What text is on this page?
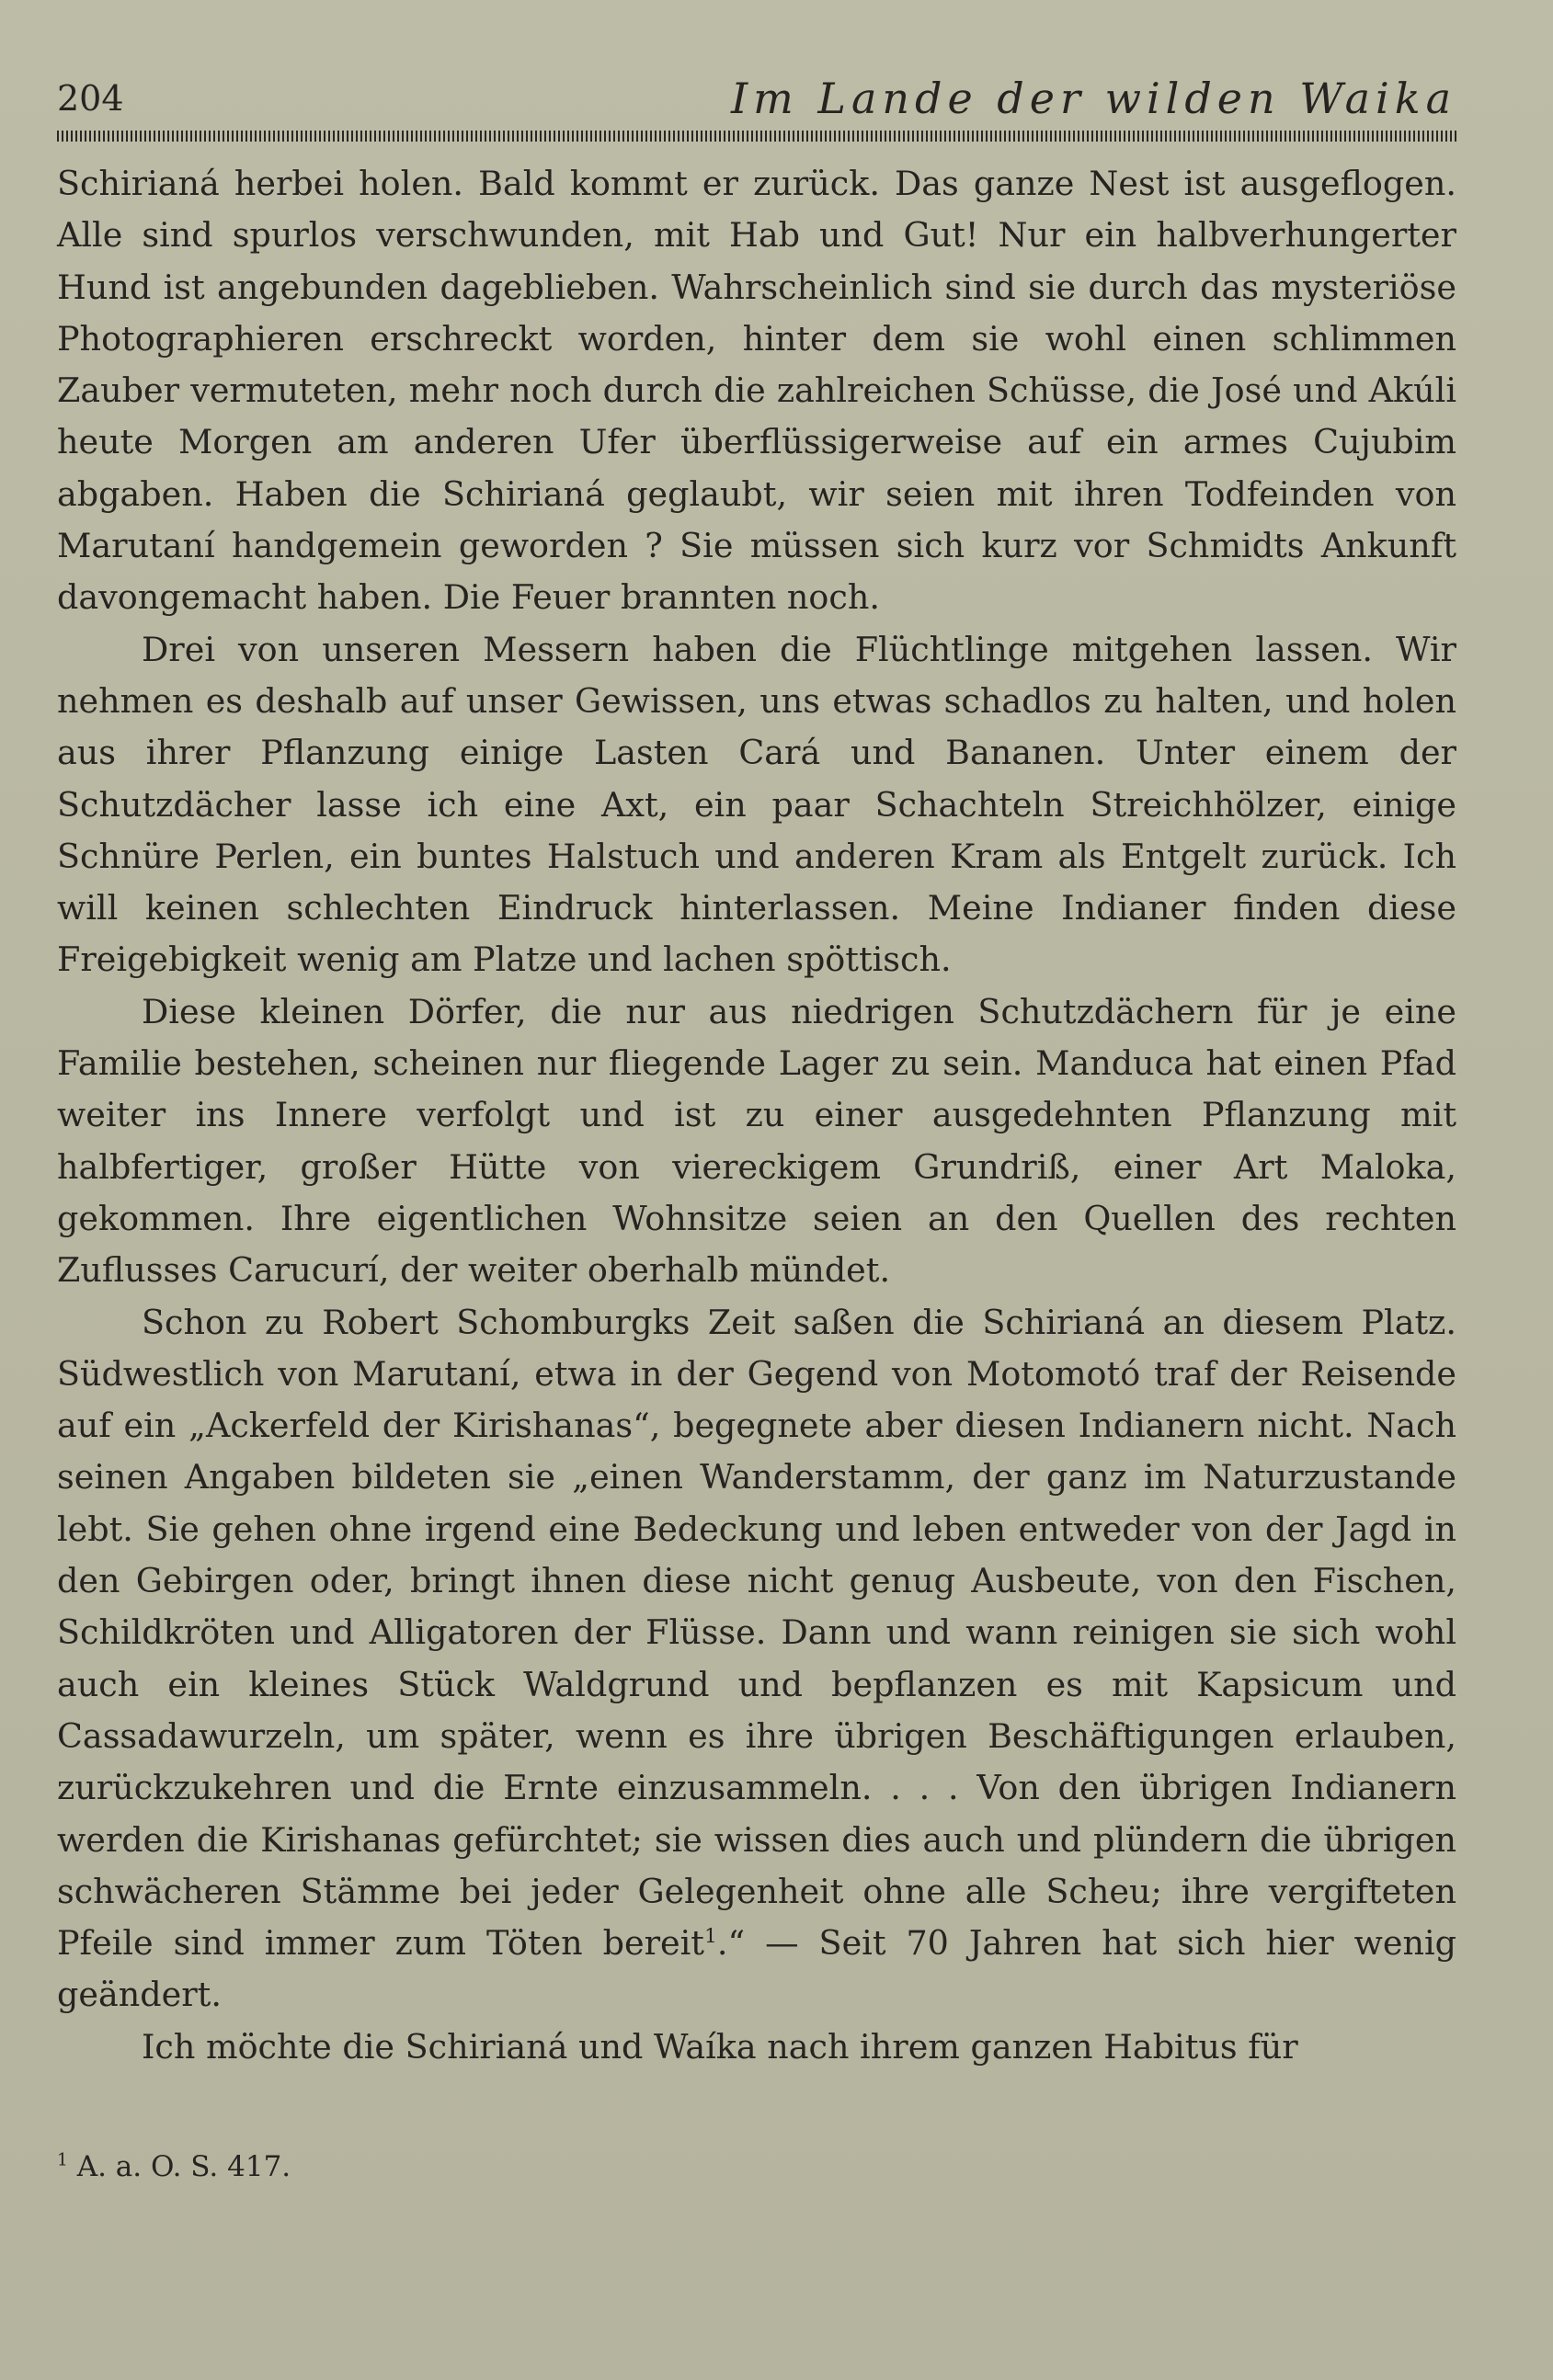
204	Im Lande der wilden Waika

Schirianá herbei holen. Bald kommt er zurück. Das ganze Nest ist ausgeflogen. Alle sind spurlos verschwunden, mit Hab und Gut! Nur ein halbverhungerter Hund ist angebunden dageblieben. Wahrscheinlich sind sie durch das mysteriöse Photographieren erschreckt worden, hinter dem sie wohl einen schlimmen Zauber vermuteten, mehr noch durch die zahlreichen Schüsse, die José und Akúli heute Morgen am anderen Ufer überflüssigerweise auf ein armes Cujubim abgaben. Haben die Schirianá geglaubt, wir seien mit ihren Todfeinden von Marutaní handgemein geworden ? Sie müssen sich kurz vor Schmidts Ankunft davongemacht haben. Die Feuer brannten noch.

Drei von unseren Messern haben die Flüchtlinge mitgehen lassen. Wir nehmen es deshalb auf unser Gewissen, uns etwas schadlos zu halten, und holen aus ihrer Pflanzung einige Lasten Cará und Bananen. Unter einem der Schutzdächer lasse ich eine Axt, ein paar Schachteln Streichhölzer, einige Schnüre Perlen, ein buntes Halstuch und anderen Kram als Entgelt zurück. Ich will keinen schlechten Eindruck hinterlassen. Meine Indianer finden diese Freigebigkeit wenig am Platze und lachen spöttisch.

Diese kleinen Dörfer, die nur aus niedrigen Schutzdächern für je eine Familie bestehen, scheinen nur fliegende Lager zu sein. Manduca hat einen Pfad weiter ins Innere verfolgt und ist zu einer ausgedehnten Pflanzung mit halbfertiger, großer Hütte von viereckigem Grundriß, einer Art Maloka, gekommen. Ihre eigentlichen Wohnsitze seien an den Quellen des rechten Zuflusses Carucurí, der weiter oberhalb mündet.

Schon zu Robert Schomburgks Zeit saßen die Schirianá an diesem Platz. Südwestlich von Marutaní, etwa in der Gegend von Motomotó traf der Reisende auf ein „Ackerfeld der Kirishanas“, begegnete aber diesen Indianern nicht. Nach seinen Angaben bildeten sie „einen Wanderstamm, der ganz im Naturzustande lebt. Sie gehen ohne irgend eine Bedeckung und leben entweder von der Jagd in den Gebirgen oder, bringt ihnen diese nicht genug Ausbeute, von den Fischen, Schildkröten und Alligatoren der Flüsse. Dann und wann reinigen sie sich wohl auch ein kleines Stück Waldgrund und bepflanzen es mit Kapsicum und Cassadawurzeln, um später, wenn es ihre übrigen Beschäftigungen erlauben, zurückzukehren und die Ernte einzusammeln. . . . Von den übrigen Indianern werden die Kirishanas gefürchtet; sie wissen dies auch und plündern die übrigen schwächeren Stämme bei jeder Gelegenheit ohne alle Scheu; ihre vergifteten Pfeile sind immer zum Töten bereit$^1$.“ — Seit 70 Jahren hat sich hier wenig geändert.

Ich möchte die Schirianá und Waíka nach ihrem ganzen Habitus für

$^1$ A. a. O. S. 417.
